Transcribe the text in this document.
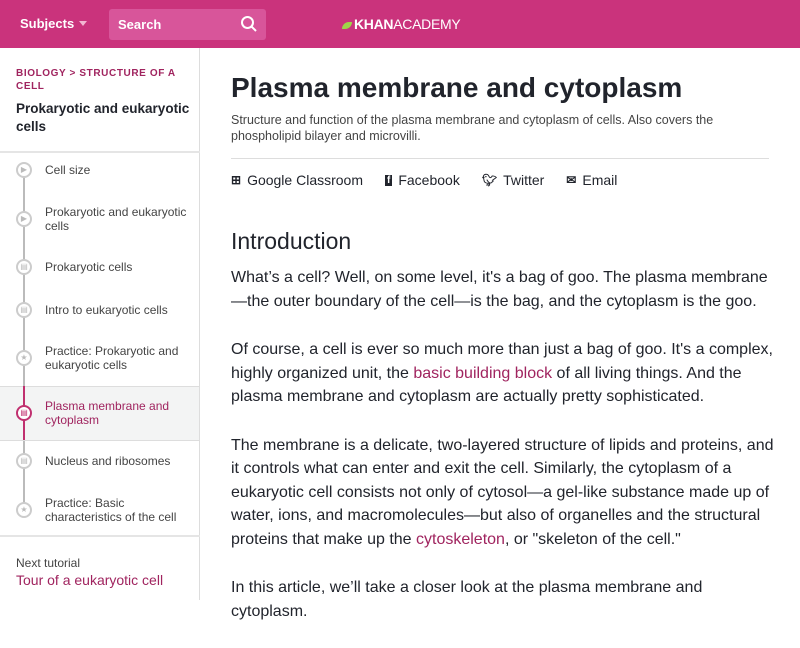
Subjects	Search	KHANACADEMY
BIOLOGY > STRUCTURE OF A CELL
Prokaryotic and eukaryotic cells
▶	Cell size
▶	Prokaryotic and eukaryotic cells
▤	Prokaryotic cells
▤	Intro to eukaryotic cells
★	Practice: Prokaryotic and eukaryotic cells
▤	Plasma membrane and cytoplasm
▤	Nucleus and ribosomes
★	Practice: Basic characteristics of the cell
Next tutorial
Tour of a eukaryotic cell
Plasma membrane and cytoplasm
Structure and function of the plasma membrane and cytoplasm of cells. Also covers the phospholipid bilayer and microvilli.
⊞ Google Classroom f Facebook 🐦︎ Twitter ✉ Email
Introduction

What’s a cell? Well, on some level, it's a bag of goo. The plasma membrane—the outer boundary of the cell—is the bag, and the cytoplasm is the goo.

Of course, a cell is ever so much more than just a bag of goo. It's a complex, highly organized unit, the basic building block of all living things. And the plasma membrane and cytoplasm are actually pretty sophisticated.

The membrane is a delicate, two-layered structure of lipids and proteins, and it controls what can enter and exit the cell. Similarly, the cytoplasm of a eukaryotic cell consists not only of cytosol—a gel-like substance made up of water, ions, and macromolecules—but also of organelles and the structural proteins that make up the cytoskeleton, or "skeleton of the cell."

In this article, we’ll take a closer look at the plasma membrane and cytoplasm.
